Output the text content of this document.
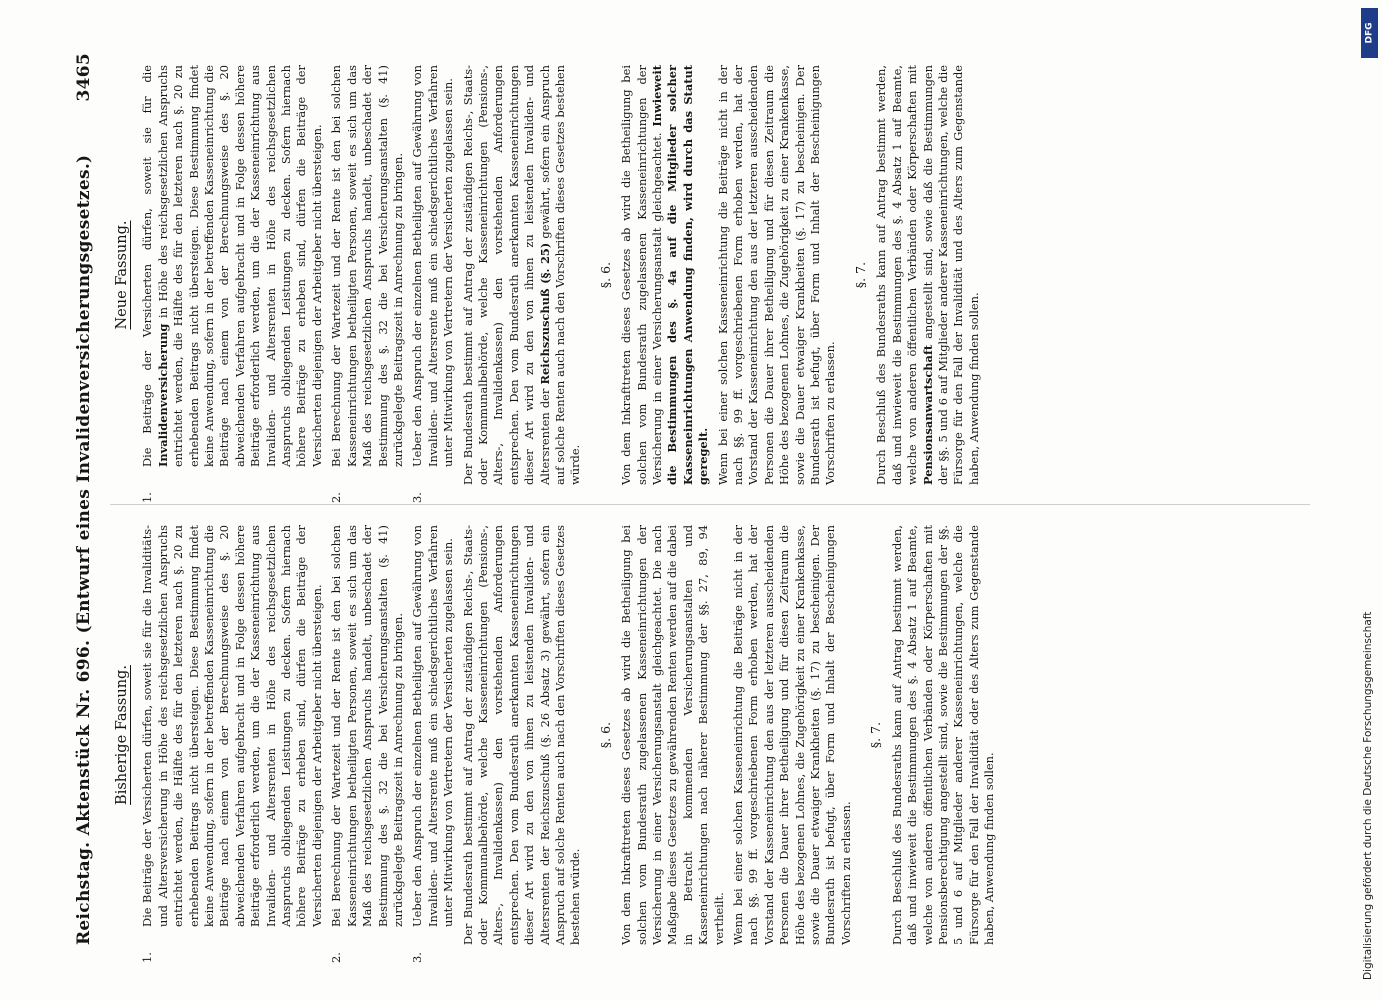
Reichstag. Aktenstück Nr. 696. (Entwurf eines Invalidenversicherungsgesetzes.)
3465
Bisherige Fassung.

1.Die Beiträge der Versicherten dürfen, soweit sie für die Invaliditäts- und Altersversicherung in Höhe des reichsgesetzlichen Anspruchs entrichtet werden, die Hälfte des für den letzteren nach §. 20 zu erhebenden Beitrags nicht übersteigen. Diese Bestimmung findet keine Anwendung, sofern in der betreffenden Kasseneinrichtung die Beiträge nach einem von der Berechnungsweise des §. 20 abweichenden Verfahren aufgebracht und in Folge dessen höhere Beiträge erforderlich werden, um die der Kasseneinrichtung aus Invaliden- und Altersrenten in Höhe des reichsgesetzlichen Anspruchs obliegenden Leistungen zu decken. Sofern hiernach höhere Beiträge zu erheben sind, dürfen die Beiträge der Versicherten diejenigen der Arbeitgeber nicht übersteigen.

2.Bei Berechnung der Wartezeit und der Rente ist den bei solchen Kasseneinrichtungen betheiligten Personen, soweit es sich um das Maß des reichsgesetzlichen Anspruchs handelt, unbeschadet der Bestimmung des §. 32 die bei Versicherungsanstalten (§. 41) zurückgelegte Beitragszeit in Anrechnung zu bringen.

3.Ueber den Anspruch der einzelnen Betheiligten auf Gewährung von Invaliden- und Altersrente muß ein schiedsgerichtliches Verfahren unter Mitwirkung von Vertretern der Versicherten zugelassen sein. Der Bundesrath bestimmt auf Antrag der zuständigen Reichs-, Staats- oder Kommunalbehörde, welche Kasseneinrichtungen (Pensions-, Alters-, Invalidenkassen) den vorstehenden Anforderungen entsprechen. Den vom Bundesrath anerkannten Kasseneinrichtungen dieser Art wird zu den von ihnen zu leistenden Invaliden- und Altersrenten der Reichszuschuß (§. 26 Absatz 3) gewährt, sofern ein Anspruch auf solche Renten auch nach den Vorschriften dieses Gesetzes bestehen würde.

§. 6. Von dem Inkrafttreten dieses Gesetzes ab wird die Betheiligung bei solchen vom Bundesrath zugelassenen Kasseneinrichtungen der Versicherung in einer Versicherungsanstalt gleichgeachtet. Die nach Maßgabe dieses Gesetzes zu gewährenden Renten werden auf die dabei in Betracht kommenden Versicherungsanstalten und Kasseneinrichtungen nach näherer Bestimmung der §§. 27, 89, 94 vertheilt. Wenn bei einer solchen Kasseneinrichtung die Beiträge nicht in der nach §§. 99 ff. vorgeschriebenen Form erhoben werden, hat der Vorstand der Kasseneinrichtung den aus der letzteren ausscheidenden Personen die Dauer ihrer Betheiligung und für diesen Zeitraum die Höhe des bezogenen Lohnes, die Zugehörigkeit zu einer Krankenkasse, sowie die Dauer etwaiger Krankheiten (§. 17) zu bescheinigen. Der Bundesrath ist befugt, über Form und Inhalt der Bescheinigungen Vorschriften zu erlassen.

§. 7. Durch Beschluß des Bundesraths kann auf Antrag bestimmt werden, daß und inwieweit die Bestimmungen des §. 4 Absatz 1 auf Beamte, welche von anderen öffentlichen Verbänden oder Körperschaften mit Pensionsberechtigung angestellt sind, sowie die Bestimmungen der §§. 5 und 6 auf Mitglieder anderer Kasseneinrichtungen, welche die Fürsorge für den Fall der Invalidität oder des Alters zum Gegenstande haben, Anwendung finden sollen.

Neue Fassung.

1.Die Beiträge der Versicherten dürfen, soweit sie für die Invalidenversicherung in Höhe des reichsgesetzlichen Anspruchs entrichtet werden, die Hälfte des für den letzteren nach §. 20 zu erhebenden Beitrags nicht übersteigen. Diese Bestimmung findet keine Anwendung, sofern in der betreffenden Kasseneinrichtung die Beiträge nach einem von der Berechnungsweise des §. 20 abweichenden Verfahren aufgebracht und in Folge dessen höhere Beiträge erforderlich werden, um die der Kasseneinrichtung aus Invaliden- und Altersrenten in Höhe des reichsgesetzlichen Anspruchs obliegenden Leistungen zu decken. Sofern hiernach höhere Beiträge zu erheben sind, dürfen die Beiträge der Versicherten diejenigen der Arbeitgeber nicht übersteigen.

2.Bei Berechnung der Wartezeit und der Rente ist den bei solchen Kasseneinrichtungen betheiligten Personen, soweit es sich um das Maß des reichsgesetzlichen Anspruchs handelt, unbeschadet der Bestimmung des §. 32 die bei Versicherungsanstalten (§. 41) zurückgelegte Beitragszeit in Anrechnung zu bringen.

3.Ueber den Anspruch der einzelnen Betheiligten auf Gewährung von Invaliden- und Altersrente muß ein schiedsgerichtliches Verfahren unter Mitwirkung von Vertretern der Versicherten zugelassen sein. Der Bundesrath bestimmt auf Antrag der zuständigen Reichs-, Staats- oder Kommunalbehörde, welche Kasseneinrichtungen (Pensions-, Alters-, Invalidenkassen) den vorstehenden Anforderungen entsprechen. Den vom Bundesrath anerkannten Kasseneinrichtungen dieser Art wird zu den von ihnen zu leistenden Invaliden- und Altersrenten der Reichszuschuß (§. 25) gewährt, sofern ein Anspruch auf solche Renten auch nach den Vorschriften dieses Gesetzes bestehen würde.

§. 6. Von dem Inkrafttreten dieses Gesetzes ab wird die Betheiligung bei solchen vom Bundesrath zugelassenen Kasseneinrichtungen der Versicherung in einer Versicherungsanstalt gleichgeachtet. Inwieweit die Bestimmungen des §. 4a auf die Mitglieder solcher Kasseneinrichtungen Anwendung finden, wird durch das Statut geregelt. Wenn bei einer solchen Kasseneinrichtung die Beiträge nicht in der nach §§. 99 ff. vorgeschriebenen Form erhoben werden, hat der Vorstand der Kasseneinrichtung den aus der letzteren ausscheidenden Personen die Dauer ihrer Betheiligung und für diesen Zeitraum die Höhe des bezogenen Lohnes, die Zugehörigkeit zu einer Krankenkasse, sowie die Dauer etwaiger Krankheiten (§. 17) zu bescheinigen. Der Bundesrath ist befugt, über Form und Inhalt der Bescheinigungen Vorschriften zu erlassen.

§. 7. Durch Beschluß des Bundesraths kann auf Antrag bestimmt werden, daß und inwieweit die Bestimmungen des §. 4 Absatz 1 auf Beamte, welche von anderen öffentlichen Verbänden oder Körperschaften mit Pensionsanwartschaft angestellt sind, sowie daß die Bestimmungen der §§. 5 und 6 auf Mitglieder anderer Kasseneinrichtungen, welche die Fürsorge für den Fall der Invalidität und des Alters zum Gegenstande haben, Anwendung finden sollen.

DFG
Digitalisierung gefördert durch die Deutsche Forschungsgemeinschaft
